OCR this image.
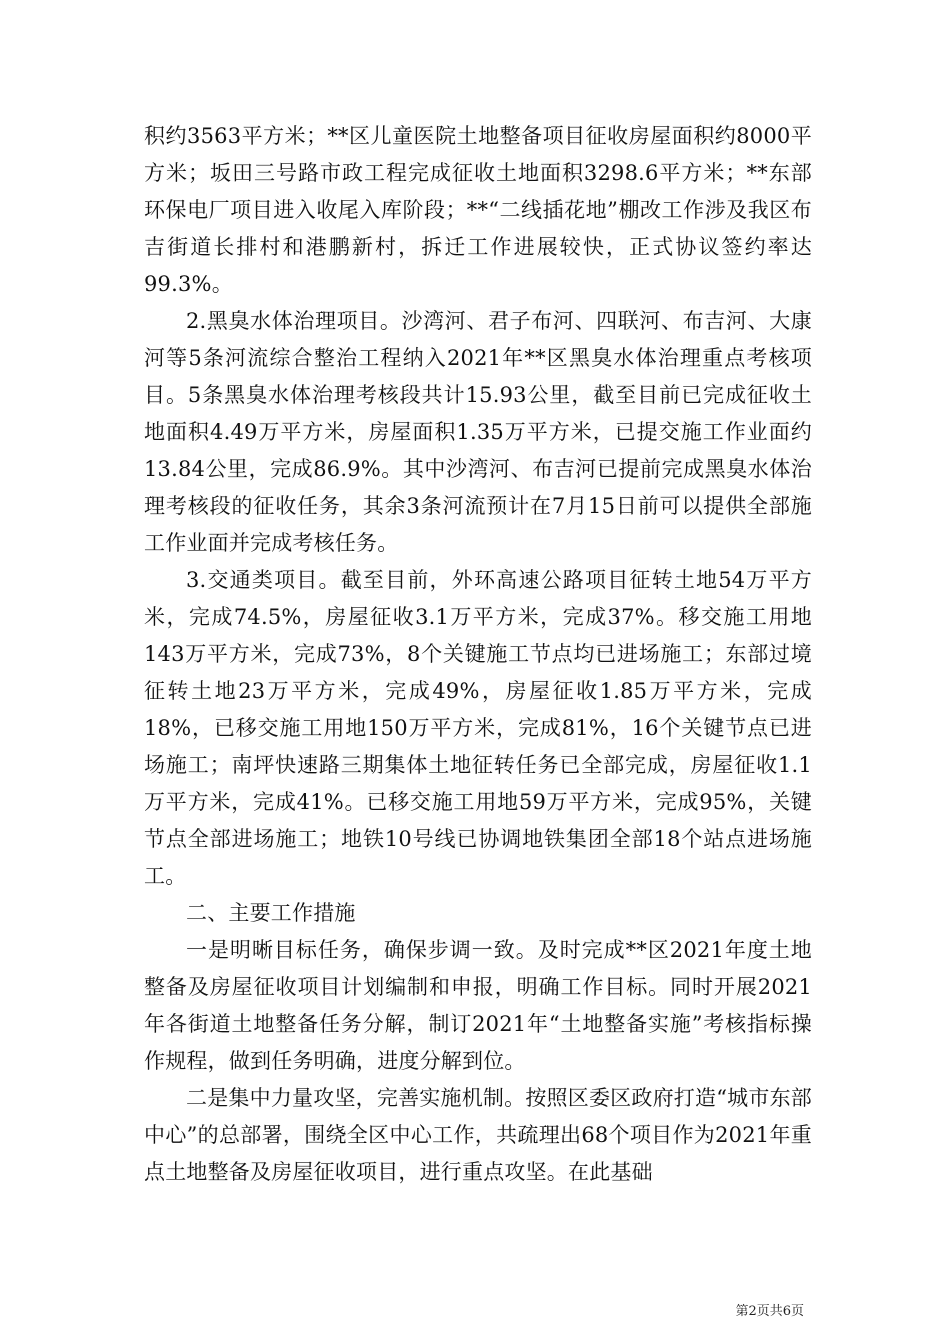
积约3563平方米；**区儿童医院土地整备项目征收房屋面积约8000平方米；坂田三号路市政工程完成征收土地面积3298.6平方米；**东部环保电厂项目进入收尾入库阶段；**“二线插花地”棚改工作涉及我区布吉街道长排村和港鹏新村，拆迁工作进展较快，正式协议签约率达99.3%。

2.黑臭水体治理项目。沙湾河、君子布河、四联河、布吉河、大康河等5条河流综合整治工程纳入2021年**区黑臭水体治理重点考核项目。5条黑臭水体治理考核段共计15.93公里，截至目前已完成征收土地面积4.49万平方米，房屋面积1.35万平方米，已提交施工作业面约13.84公里，完成86.9%。其中沙湾河、布吉河已提前完成黑臭水体治理考核段的征收任务，其余3条河流预计在7月15日前可以提供全部施工作业面并完成考核任务。

3.交通类项目。截至目前，外环高速公路项目征转土地54万平方米，完成74.5%，房屋征收3.1万平方米，完成37%。移交施工用地143万平方米，完成73%，8个关键施工节点均已进场施工；东部过境征转土地23万平方米，完成49%，房屋征收1.85万平方米，完成18%，已移交施工用地150万平方米，完成81%，16个关键节点已进场施工；南坪快速路三期集体土地征转任务已全部完成，房屋征收1.1万平方米，完成41%。已移交施工用地59万平方米，完成95%，关键节点全部进场施工；地铁10号线已协调地铁集团全部18个站点进场施工。

二、主要工作措施

一是明晰目标任务，确保步调一致。及时完成**区2021年度土地整备及房屋征收项目计划编制和申报，明确工作目标。同时开展2021年各街道土地整备任务分解，制订2021年“土地整备实施”考核指标操作规程，做到任务明确，进度分解到位。

二是集中力量攻坚，完善实施机制。按照区委区政府打造“城市东部中心”的总部署，围绕全区中心工作，共疏理出68个项目作为2021年重点土地整备及房屋征收项目，进行重点攻坚。在此基础

第2页共6页
